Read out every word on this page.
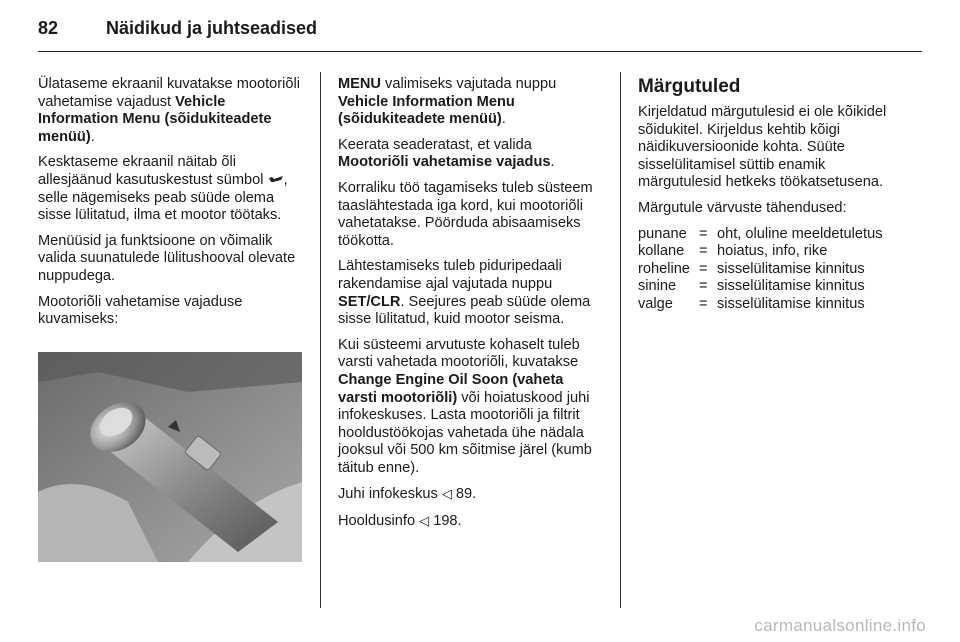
82	Näidikud ja juhtseadised

Ülataseme ekraanil kuvatakse mootoriõli vahetamise vajadust Vehicle Information Menu (sõidukiteadete menüü).

Kesktaseme ekraanil näitab õli allesjäänud kasutuskestust sümbol , selle nägemiseks peab süüde olema sisse lülitatud, ilma et mootor töötaks.

Menüüsid ja funktsioone on võimalik valida suunatulede lülitushooval olevate nuppudega.

Mootoriõli vahetamise vajaduse kuvamiseks:

MENU valimiseks vajutada nuppu Vehicle Information Menu (sõidukiteadete menüü).

Keerata seaderatast, et valida Mootoriõli vahetamise vajadus.

Korraliku töö tagamiseks tuleb süsteem taaslähtestada iga kord, kui mootoriõli vahetatakse. Pöörduda abisaamiseks töökotta.

Lähtestamiseks tuleb piduripedaali rakendamise ajal vajutada nuppu SET/CLR. Seejures peab süüde olema sisse lülitatud, kuid mootor seisma.

Kui süsteemi arvutuste kohaselt tuleb varsti vahetada mootoriõli, kuvatakse Change Engine Oil Soon (vaheta varsti mootoriõli) või hoiatuskood juhi infokeskuses. Lasta mootoriõli ja filtrit hooldustöökojas vahetada ühe nädala jooksul või 500 km sõitmise järel (kumb täitub enne).

Juhi infokeskus ◁ 89.

Hooldusinfo ◁ 198.

Märgutuled

Kirjeldatud märgutulesid ei ole kõikidel sõidukitel. Kirjeldus kehtib kõigi näidikuversioonide kohta. Süüte sisselülitamisel süttib enamik märgutulesid hetkeks töökatsetusena.

Märgutule värvuste tähendused:

punane	=	oht, oluline meeldetuletus
kollane	=	hoiatus, info, rike
roheline	=	sisselülitamise kinnitus
sinine	=	sisselülitamise kinnitus
valge	=	sisselülitamise kinnitus
carmanualsonline.info
